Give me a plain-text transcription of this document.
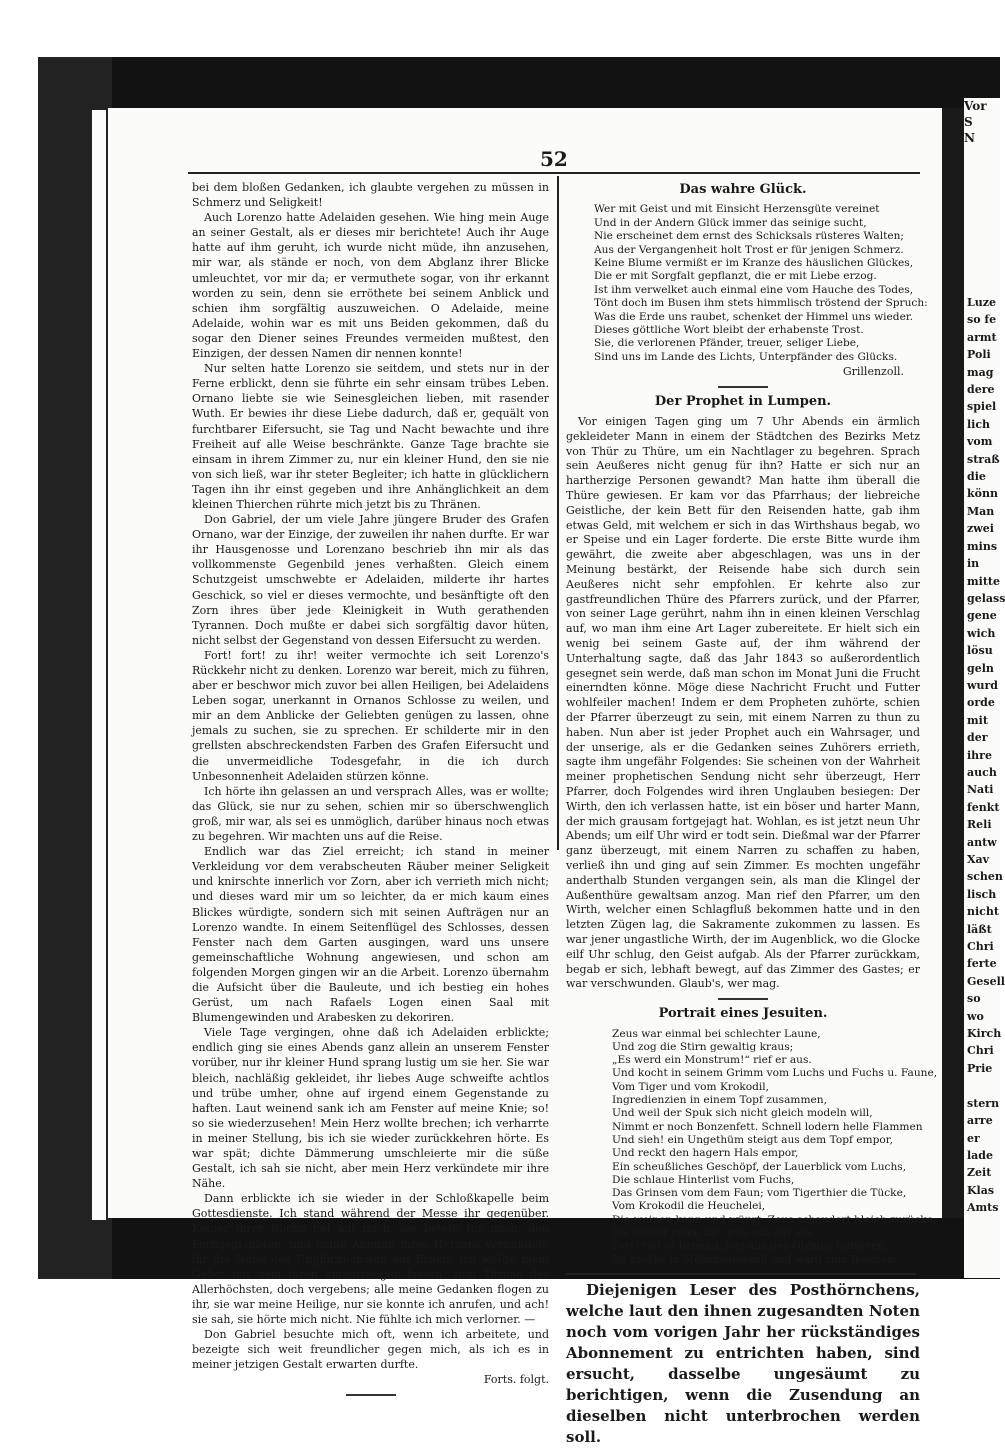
Vor
S
N
Luze
so fe
armt
Poli
mag
dere
spiel
lich
vom
straß
die
könn
Man
zwei
mins
in
mitte
gelass
gene
wich
lösu
geln
wurd
orde
mit
der
ihre
auch
Nati
fenkt
Reli
antw
Xav
schen
lisch
nicht
läßt
Chri
ferte
Gesell
so
wo
Kirch
Chri
Prie

stern
arre
er
lade
Zeit
Klas
Amts
52

bei dem bloßen Gedanken, ich glaubte vergehen zu müssen in Schmerz und Seligkeit!

Auch Lorenzo hatte Adelaiden gesehen. Wie hing mein Auge an seiner Gestalt, als er dieses mir berichtete! Auch ihr Auge hatte auf ihm geruht, ich wurde nicht müde, ihn anzusehen, mir war, als stände er noch, von dem Abglanz ihrer Blicke umleuchtet, vor mir da; er vermuthete sogar, von ihr erkannt worden zu sein, denn sie erröthete bei seinem Anblick und schien ihm sorgfältig auszuweichen. O Adelaide, meine Adelaide, wohin war es mit uns Beiden gekommen, daß du sogar den Diener seines Freundes vermeiden mußtest, den Einzigen, der dessen Namen dir nennen konnte!

Nur selten hatte Lorenzo sie seitdem, und stets nur in der Ferne erblickt, denn sie führte ein sehr einsam trübes Leben. Ornano liebte sie wie Seinesgleichen lieben, mit rasender Wuth. Er bewies ihr diese Liebe dadurch, daß er, gequält von furchtbarer Eifersucht, sie Tag und Nacht bewachte und ihre Freiheit auf alle Weise beschränkte. Ganze Tage brachte sie einsam in ihrem Zimmer zu, nur ein kleiner Hund, den sie nie von sich ließ, war ihr steter Begleiter; ich hatte in glücklichern Tagen ihn ihr einst gegeben und ihre Anhänglichkeit an dem kleinen Thierchen rührte mich jetzt bis zu Thränen.

Don Gabriel, der um viele Jahre jüngere Bruder des Grafen Ornano, war der Einzige, der zuweilen ihr nahen durfte. Er war ihr Hausgenosse und Lorenzano beschrieb ihn mir als das vollkommenste Gegenbild jenes verhaßten. Gleich einem Schutzgeist umschwebte er Adelaiden, milderte ihr hartes Geschick, so viel er dieses vermochte, und besänftigte oft den Zorn ihres über jede Kleinigkeit in Wuth gerathenden Tyrannen. Doch mußte er dabei sich sorgfältig davor hüten, nicht selbst der Gegenstand von dessen Eifersucht zu werden.

Fort! fort! zu ihr! weiter vermochte ich seit Lorenzo's Rückkehr nicht zu denken. Lorenzo war bereit, mich zu führen, aber er beschwor mich zuvor bei allen Heiligen, bei Adelaidens Leben sogar, unerkannt in Ornanos Schlosse zu weilen, und mir an dem Anblicke der Geliebten genügen zu lassen, ohne jemals zu suchen, sie zu sprechen. Er schilderte mir in den grellsten abschreckendsten Farben des Grafen Eifersucht und die unvermeidliche Todesgefahr, in die ich durch Unbesonnenheit Adelaiden stürzen könne.

Ich hörte ihn gelassen an und versprach Alles, was er wollte; das Glück, sie nur zu sehen, schien mir so überschwenglich groß, mir war, als sei es unmöglich, darüber hinaus noch etwas zu begehren. Wir machten uns auf die Reise.

Endlich war das Ziel erreicht; ich stand in meiner Verkleidung vor dem verabscheuten Räuber meiner Seligkeit und knirschte innerlich vor Zorn, aber ich verrieth mich nicht; und dieses ward mir um so leichter, da er mich kaum eines Blickes würdigte, sondern sich mit seinen Aufträgen nur an Lorenzo wandte. In einem Seitenflügel des Schlosses, dessen Fenster nach dem Garten ausgingen, ward uns unsere gemeinschaftliche Wohnung angewiesen, und schon am folgenden Morgen gingen wir an die Arbeit. Lorenzo übernahm die Aufsicht über die Bauleute, und ich bestieg ein hohes Gerüst, um nach Rafaels Logen einen Saal mit Blumengewinden und Arabesken zu dekoriren.

Viele Tage vergingen, ohne daß ich Adelaiden erblickte; endlich ging sie eines Abends ganz allein an unserem Fenster vorüber, nur ihr kleiner Hund sprang lustig um sie her. Sie war bleich, nachläßig gekleidet, ihr liebes Auge schweifte achtlos und trübe umher, ohne auf irgend einem Gegenstande zu haften. Laut weinend sank ich am Fenster auf meine Knie; so! so sie wiederzusehen! Mein Herz wollte brechen; ich verharrte in meiner Stellung, bis ich sie wieder zurückkehren hörte. Es war spät; dichte Dämmerung umschleierte mir die süße Gestalt, ich sah sie nicht, aber mein Herz verkündete mir ihre Nähe.

Dann erblickte ich sie wieder in der Schloßkapelle beim Gottesdienste. Ich stand während der Messe ihr gegenüber. Keiner ihrer Blicke fiel auf mich, sie betete für mich, den Ferngeglaubten, und keine Ahnung ihres Herzens verkündete ihr die Nähe des Unglücklichsten auf Erden. Ich wollte mein Gebet mit dem ihren hinaufsteigen lassen, zum Throne des Allerhöchsten, doch vergebens; alle meine Gedanken flogen zu ihr, sie war meine Heilige, nur sie konnte ich anrufen, und ach! sie sah, sie hörte mich nicht. Nie fühlte ich mich verlorner. —

Don Gabriel besuchte mich oft, wenn ich arbeitete, und bezeigte sich weit freundlicher gegen mich, als ich es in meiner jetzigen Gestalt erwarten durfte.

Forts. folgt.
Das wahre Glück.
Wer mit Geist und mit Einsicht Herzensgüte vereinet
Und in der Andern Glück immer das seinige sucht,
Nie erscheinet dem ernst des Schicksals rüsteres Walten;
Aus der Vergangenheit holt Trost er für jenigen Schmerz.
Keine Blume vermißt er im Kranze des häuslichen Glückes,
Die er mit Sorgfalt gepflanzt, die er mit Liebe erzog.
Ist ihm verwelket auch einmal eine vom Hauche des Todes,
Tönt doch im Busen ihm stets himmlisch tröstend der Spruch:
Was die Erde uns raubet, schenket der Himmel uns wieder.
Dieses göttliche Wort bleibt der erhabenste Trost.
Sie, die verlorenen Pfänder, treuer, seliger Liebe,
Sind uns im Lande des Lichts, Unterpfänder des Glücks.
Grillenzoll.
Der Prophet in Lumpen.

Vor einigen Tagen ging um 7 Uhr Abends ein ärmlich gekleideter Mann in einem der Städtchen des Bezirks Metz von Thür zu Thüre, um ein Nachtlager zu begehren. Sprach sein Aeußeres nicht genug für ihn? Hatte er sich nur an hartherzige Personen gewandt? Man hatte ihm überall die Thüre gewiesen. Er kam vor das Pfarrhaus; der liebreiche Geistliche, der kein Bett für den Reisenden hatte, gab ihm etwas Geld, mit welchem er sich in das Wirthshaus begab, wo er Speise und ein Lager forderte. Die erste Bitte wurde ihm gewährt, die zweite aber abgeschlagen, was uns in der Meinung bestärkt, der Reisende habe sich durch sein Aeußeres nicht sehr empfohlen. Er kehrte also zur gastfreundlichen Thüre des Pfarrers zurück, und der Pfarrer, von seiner Lage gerührt, nahm ihn in einen kleinen Verschlag auf, wo man ihm eine Art Lager zubereitete. Er hielt sich ein wenig bei seinem Gaste auf, der ihm während der Unterhaltung sagte, daß das Jahr 1843 so außerordentlich gesegnet sein werde, daß man schon im Monat Juni die Frucht einerndten könne. Möge diese Nachricht Frucht und Futter wohlfeiler machen! Indem er dem Propheten zuhörte, schien der Pfarrer überzeugt zu sein, mit einem Narren zu thun zu haben. Nun aber ist jeder Prophet auch ein Wahrsager, und der unserige, als er die Gedanken seines Zuhörers errieth, sagte ihm ungefähr Folgendes: Sie scheinen von der Wahrheit meiner prophetischen Sendung nicht sehr überzeugt, Herr Pfarrer, doch Folgendes wird ihren Unglauben besiegen: Der Wirth, den ich verlassen hatte, ist ein böser und harter Mann, der mich grausam fortgejagt hat. Wohlan, es ist jetzt neun Uhr Abends; um eilf Uhr wird er todt sein. Dießmal war der Pfarrer ganz überzeugt, mit einem Narren zu schaffen zu haben, verließ ihn und ging auf sein Zimmer. Es mochten ungefähr anderthalb Stunden vergangen sein, als man die Klingel der Außenthüre gewaltsam anzog. Man rief den Pfarrer, um den Wirth, welcher einen Schlagfluß bekommen hatte und in den letzten Zügen lag, die Sakramente zukommen zu lassen. Es war jener ungastliche Wirth, der im Augenblick, wo die Glocke eilf Uhr schlug, den Geist aufgab. Als der Pfarrer zurückkam, begab er sich, lebhaft bewegt, auf das Zimmer des Gastes; er war verschwunden. Glaub's, wer mag.

Portrait eines Jesuiten.
Zeus war einmal bei schlechter Laune,
Und zog die Stirn gewaltig kraus;
„Es werd ein Monstrum!“ rief er aus.
Und kocht in seinem Grimm vom Luchs und Fuchs u. Faune,
Vom Tiger und vom Krokodil,
Ingredienzien in einem Topf zusammen,
Und weil der Spuk sich nicht gleich modeln will,
Nimmt er noch Bonzenfett. Schnell lodern helle Flammen
Und sieh! ein Ungethüm steigt aus dem Topf empor,
Und reckt den hagern Hals empor,
Ein scheußliches Geschöpf, der Lauerblick vom Luchs,
Die schlaue Hinterlist vom Fuchs,
Das Grinsen vom dem Faun; vom Tigerthier die Tücke,
Vom Krokodil die Heuchelei,
Die weinen kann und würgt. Zeus schaudert bleich zurücke,
Die Götter rufen all': was soll das sei;
Fort! rief er bebend, fort aus des Olymps Gebieten,
Da krochs in Mönchsgewand und ward zum Jesuiten.
Diejenigen Leser des Posthörnchens, welche laut den ihnen zugesandten Noten noch vom vorigen Jahr her rückständiges Abonnement zu entrichten haben, sind ersucht, dasselbe ungesäumt zu berichtigen, wenn die Zusendung an dieselben nicht unterbrochen werden soll.
